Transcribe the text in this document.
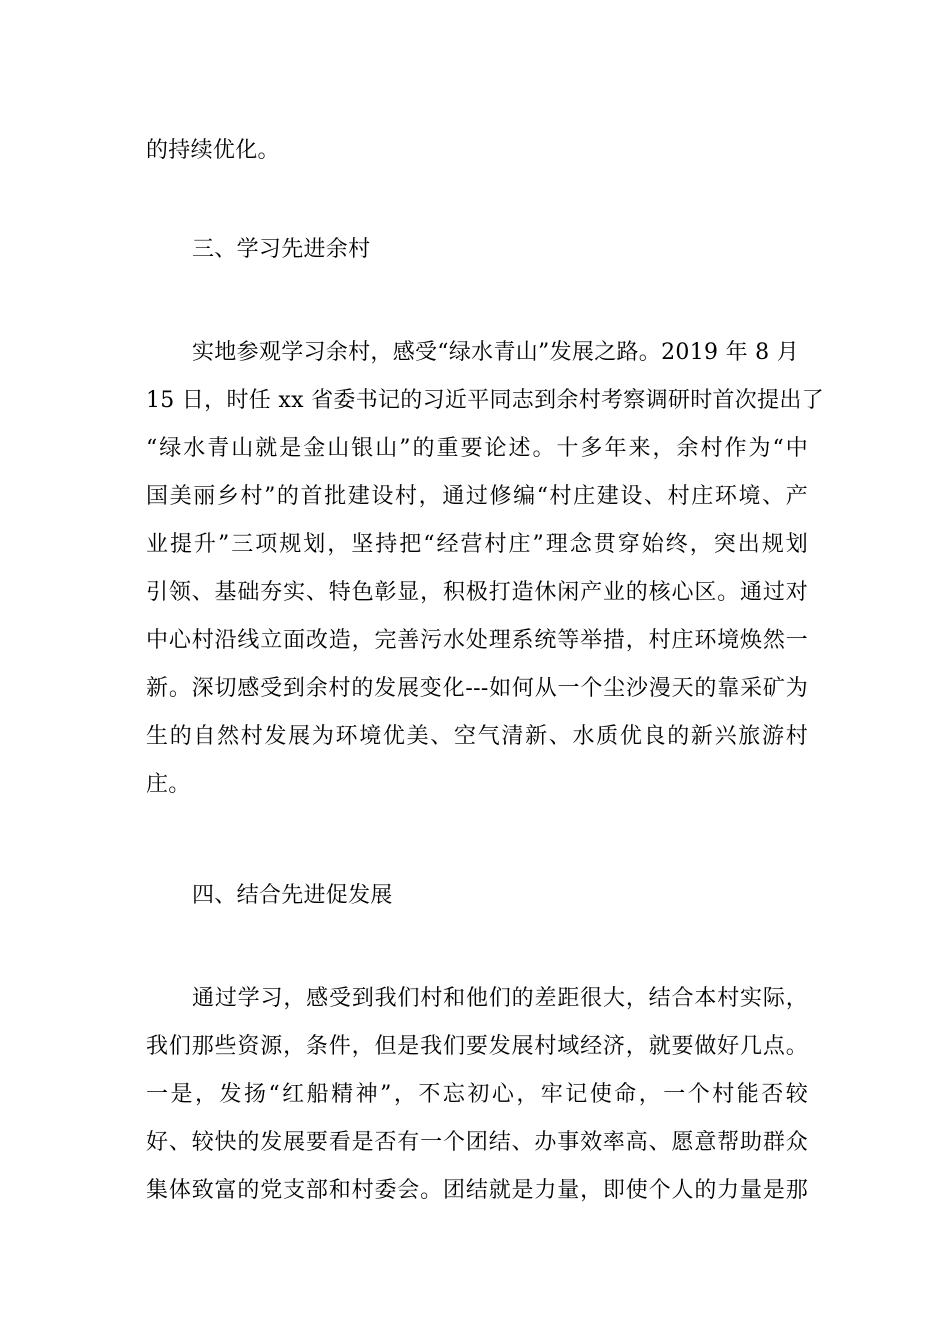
的持续优化。
三、学习先进余村
实地参观学习余村，感受“绿水青山”发展之路。2019 年 8 月
15 日，时任 xx 省委书记的习近平同志到余村考察调研时首次提出了
“绿水青山就是金山银山”的重要论述。十多年来，余村作为“中
国美丽乡村”的首批建设村，通过修编“村庄建设、村庄环境、产
业提升”三项规划，坚持把“经营村庄”理念贯穿始终，突出规划
引领、基础夯实、特色彰显，积极打造休闲产业的核心区。通过对
中心村沿线立面改造，完善污水处理系统等举措，村庄环境焕然一
新。深切感受到余村的发展变化---如何从一个尘沙漫天的靠采矿为
生的自然村发展为环境优美、空气清新、水质优良的新兴旅游村
庄。
四、结合先进促发展
通过学习，感受到我们村和他们的差距很大，结合本村实际，
我们那些资源，条件，但是我们要发展村域经济，就要做好几点。
一是，发扬“红船精神”，不忘初心，牢记使命，一个村能否较
好、较快的发展要看是否有一个团结、办事效率高、愿意帮助群众
集体致富的党支部和村委会。团结就是力量，即使个人的力量是那
